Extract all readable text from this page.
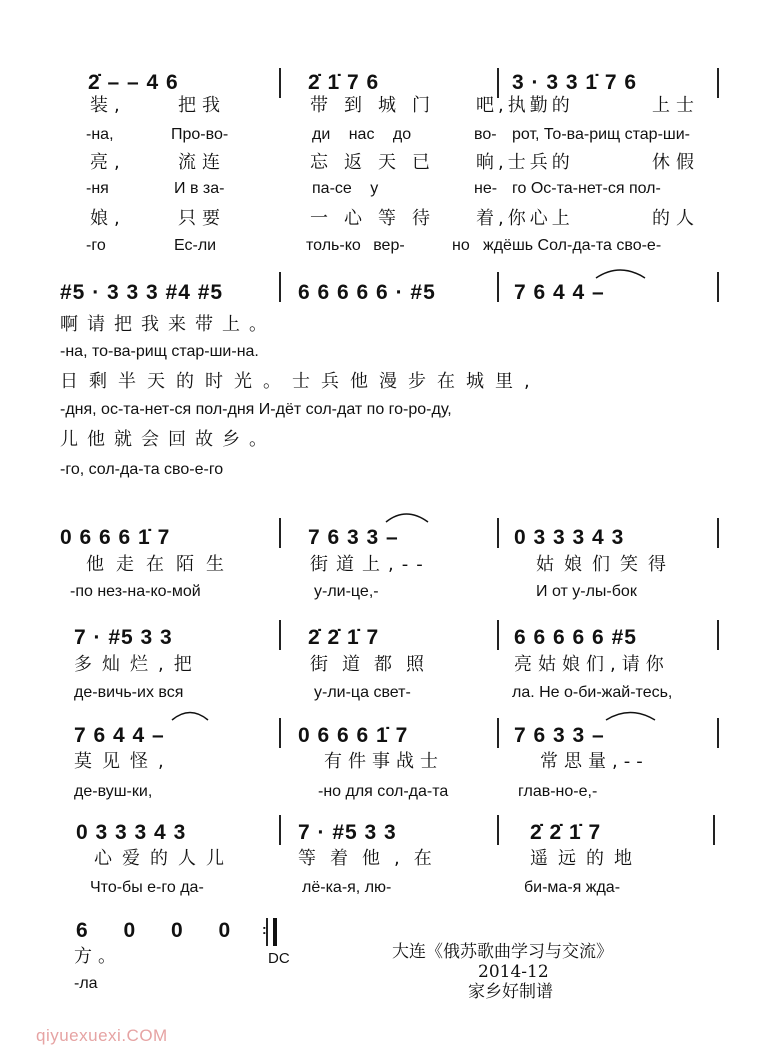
2̇ – – 4 6	2̇ 1̇ 7 6	3 · 3 3 1̇ 7 6
装,	把我	带到城门 吧,执勤的	上士
-на,	Про-во-	ди нас до	во- рот, То-ва-рищ стар-ши-
亮,	流连	忘返天已 晌,士兵的	休假
-ня	И в за-	па-се у	не- го Ос-та-нет-ся пол-
娘,	只要	一心等待 着,你心上	的人
-го	Ес-ли	толь-ко вер-	но ждёшь Сол-да-та сво-е-
#5 · 3 3 3 #4 #5	6 6 6 6 6 · #5	7 6 4 4 –
啊请把我来带上。
-на, то-ва-рищ стар-ши-на.
日剩半天的时光。士兵他漫步在城里,
-дня, ос-та-нет-ся пол-дня И-дёт сол-дат по го-ро-ду,
儿他就会回故乡。
-го, сол-да-та сво-е-го
0 6 6 6 1̇ 7	7 6 3 3 –	0 3 3 3 4 3
他走在陌生	街道上,--	姑娘们笑得
-по нез-на-ко-мой	у-ли-це,-	И от у-лы-бок
7 · #5 3 3	2̇ 2̇ 1̇ 7	6 6 6 6 6 #5
多灿烂,把	街道都照	亮姑娘们,请你
де-вичь-их вся	у-ли-ца свет-	ла. Не о-би-жай-тесь,
7 6 4 4 –	0 6 6 6 1̇ 7	7 6 3 3 –
莫见怪,	有件事战士	常思量,--
де-вуш-ки,	-но для сол-да-та	глав-но-е,-
0 3 3 3 4 3	7 · #5 3 3	2̇ 2̇ 1̇ 7
心爱的人儿	等着他,在	遥远的地
Что-бы е-го да-	лё-ка-я, лю-	би-ма-я жда-
6 0 0 0 :
DC
方。
-ла
大连《俄苏歌曲学习与交流》
2014-12
家乡好制谱
qiyuexuexi.COM
